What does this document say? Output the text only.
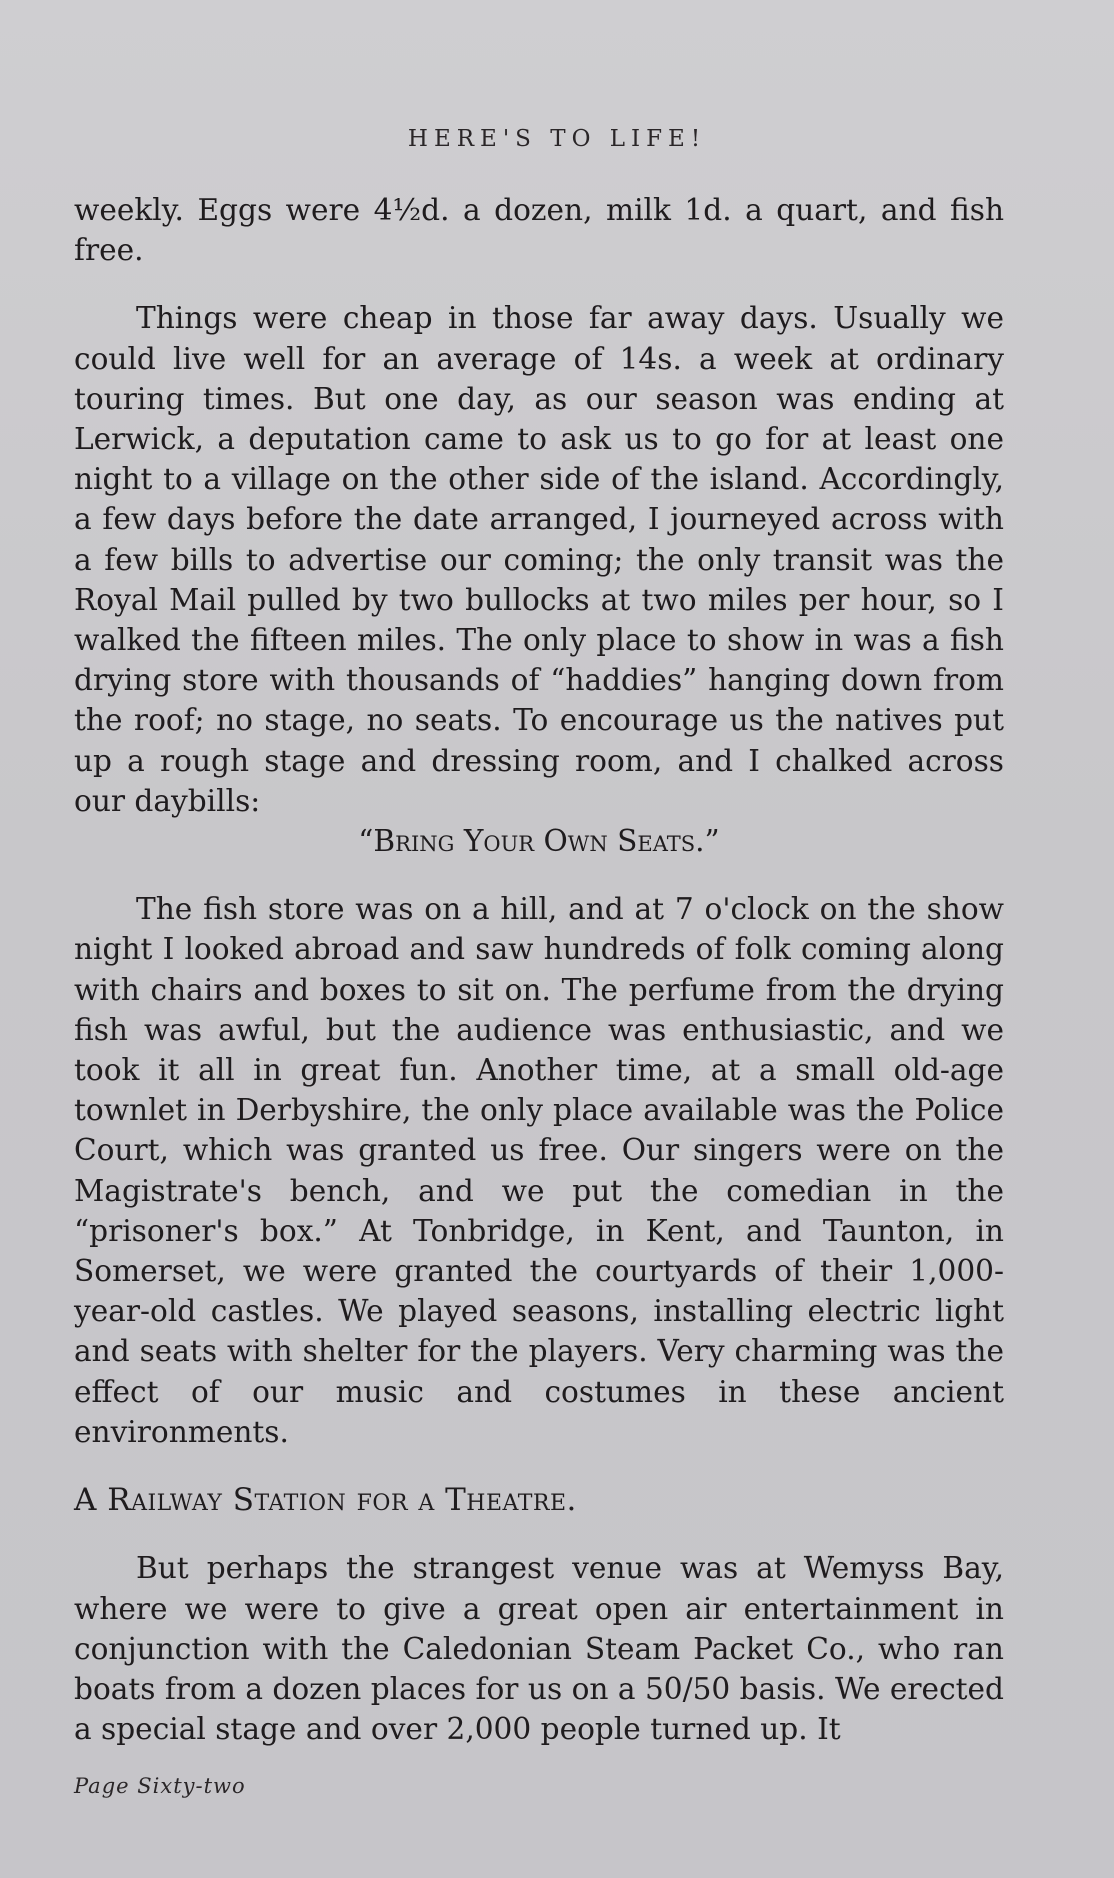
HERE'S TO LIFE!

weekly. Eggs were 4½d. a dozen, milk 1d. a quart, and fish free.

Things were cheap in those far away days. Usually we could live well for an average of 14s. a week at ordinary touring times. But one day, as our season was ending at Lerwick, a deputation came to ask us to go for at least one night to a village on the other side of the island. Accordingly, a few days before the date arranged, I journeyed across with a few bills to advertise our coming; the only transit was the Royal Mail pulled by two bullocks at two miles per hour, so I walked the fifteen miles. The only place to show in was a fish drying store with thousands of “haddies” hanging down from the roof; no stage, no seats. To encourage us the natives put up a rough stage and dressing room, and I chalked across our daybills:

“Bring Your Own Seats.”

The fish store was on a hill, and at 7 o'clock on the show night I looked abroad and saw hundreds of folk coming along with chairs and boxes to sit on. The perfume from the drying fish was awful, but the audience was enthusiastic, and we took it all in great fun. Another time, at a small old-age townlet in Derbyshire, the only place available was the Police Court, which was granted us free. Our singers were on the Magistrate's bench, and we put the comedian in the “prisoner's box.” At Tonbridge, in Kent, and Taunton, in Somerset, we were granted the courtyards of their 1,000-year-old castles. We played seasons, installing electric light and seats with shelter for the players. Very charming was the effect of our music and costumes in these ancient environments.

A Railway Station for a Theatre.

But perhaps the strangest venue was at Wemyss Bay, where we were to give a great open air entertainment in conjunction with the Caledonian Steam Packet Co., who ran boats from a dozen places for us on a 50/50 basis. We erected a special stage and over 2,000 people turned up. It

Page Sixty-two
